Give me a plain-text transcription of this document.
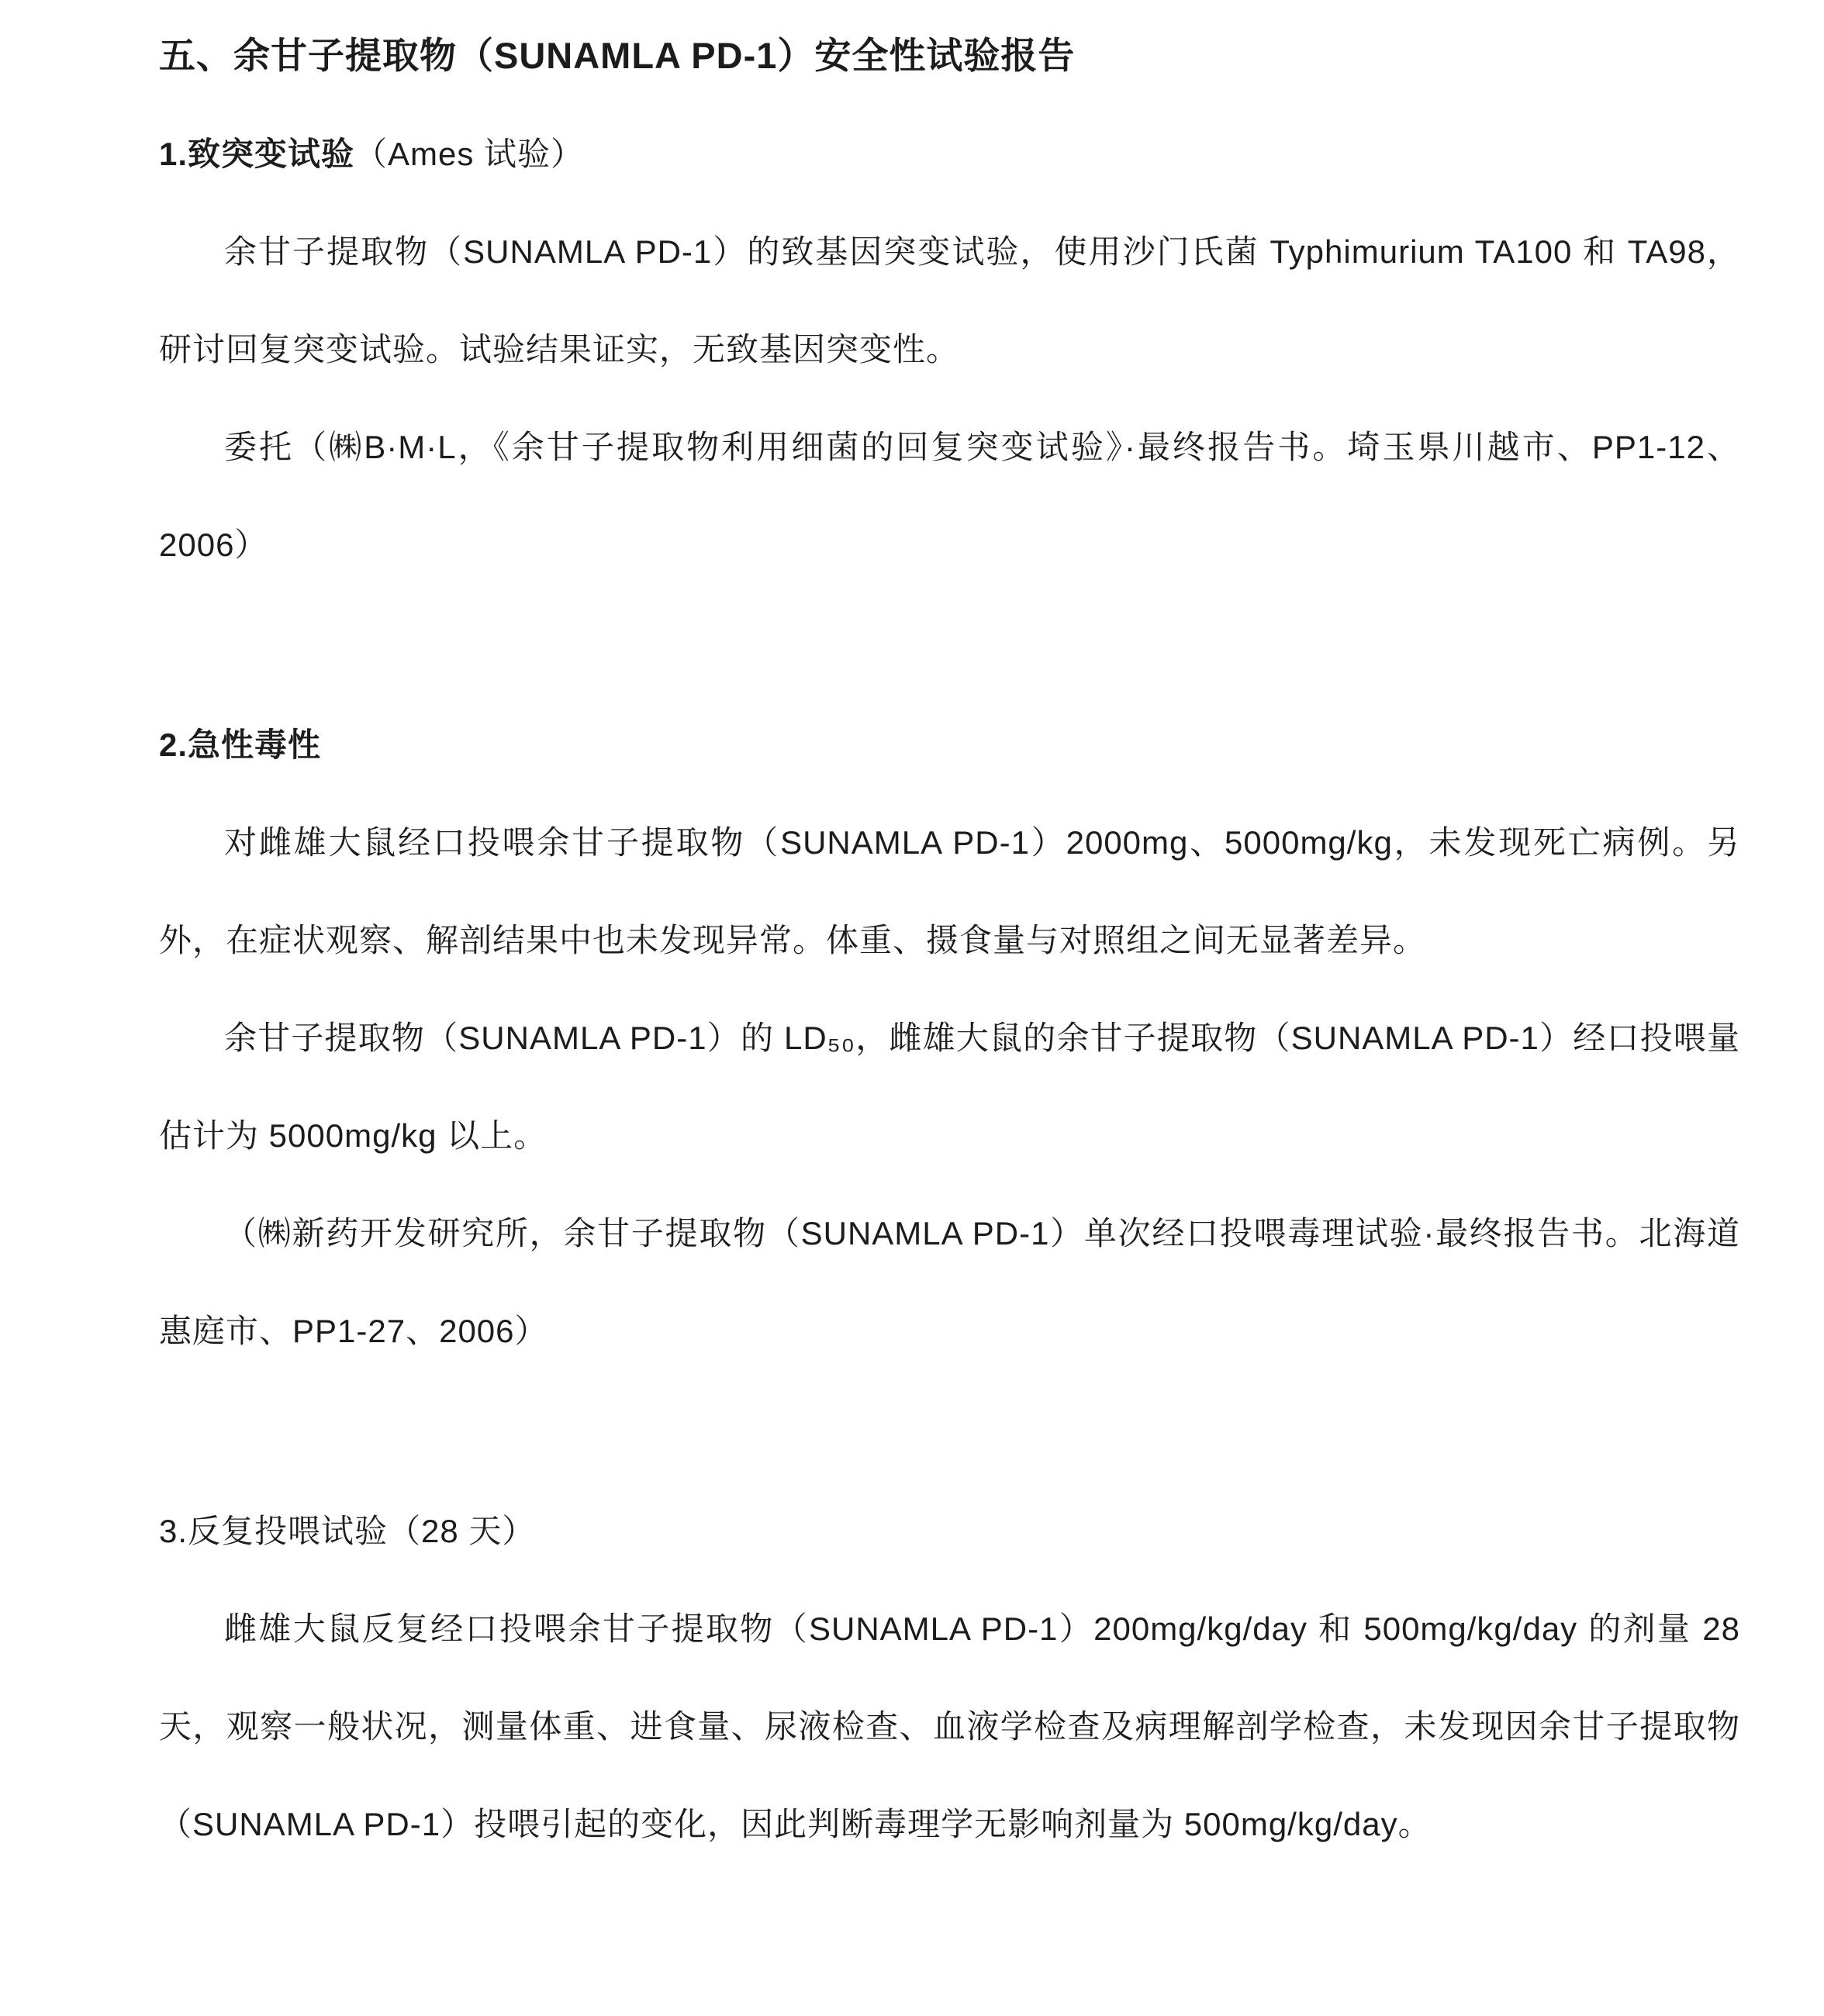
五、余甘子提取物（SUNAMLA PD-1）安全性试验报告
1.致突变试验（Ames 试验）

余甘子提取物（SUNAMLA PD-1）的致基因突变试验，使用沙门氏菌 Typhimurium TA100 和 TA98，研讨回复突变试验。试验结果证实，无致基因突变性。

委托（㈱B·M·L，《余甘子提取物利用细菌的回复突变试验》·最终报告书。埼玉県川越市、PP1-12、2006）

2.急性毒性

对雌雄大鼠经口投喂余甘子提取物（SUNAMLA PD-1）2000mg、5000mg/kg，未发现死亡病例。另外，在症状观察、解剖结果中也未发现异常。体重、摄食量与对照组之间无显著差异。

余甘子提取物（SUNAMLA PD-1）的 LD₅₀，雌雄大鼠的余甘子提取物（SUNAMLA PD-1）经口投喂量估计为 5000mg/kg 以上。

（㈱新药开发研究所，余甘子提取物（SUNAMLA PD-1）单次经口投喂毒理试验·最终报告书。北海道惠庭市、PP1-27、2006）

3.反复投喂试验（28 天）

雌雄大鼠反复经口投喂余甘子提取物（SUNAMLA PD-1）200mg/kg/day 和 500mg/kg/day 的剂量 28 天，观察一般状况，测量体重、进食量、尿液检查、血液学检查及病理解剖学检查，未发现因余甘子提取物（SUNAMLA PD-1）投喂引起的变化，因此判断毒理学无影响剂量为 500mg/kg/day。
